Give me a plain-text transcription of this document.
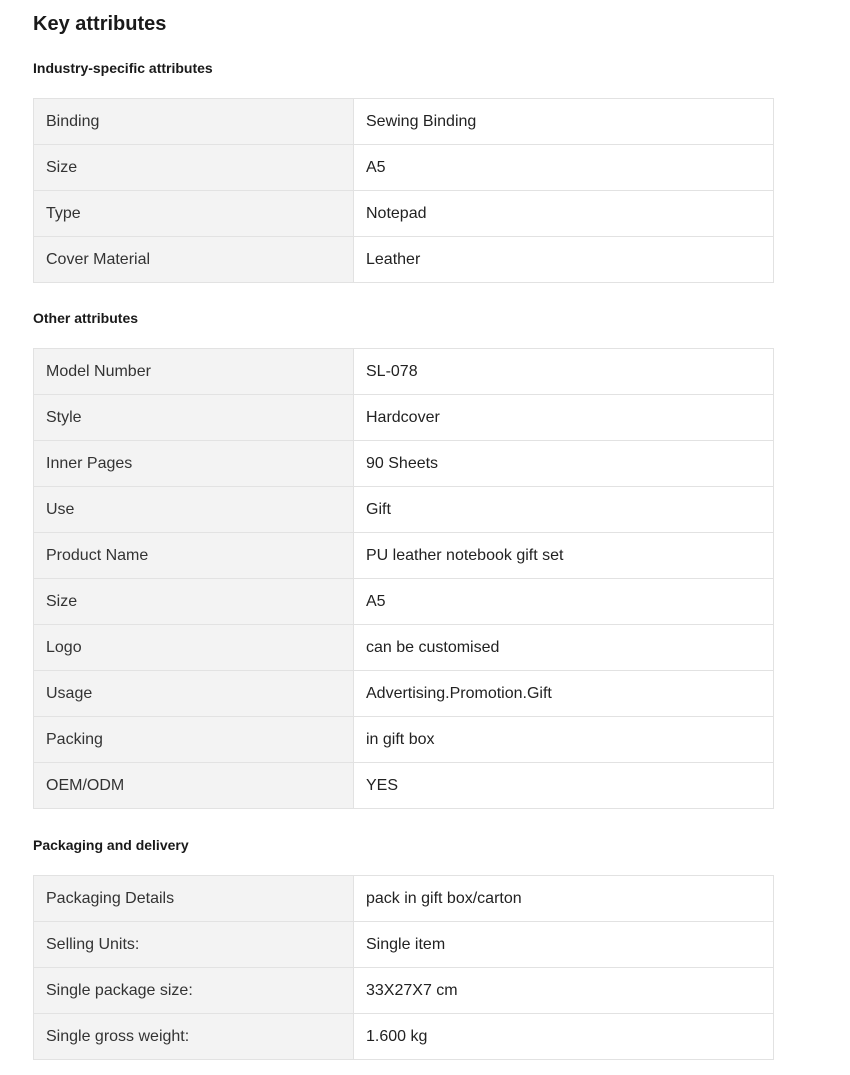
Key attributes
Industry-specific attributes
Binding	Sewing Binding
Size	A5
Type	Notepad
Cover Material	Leather
Other attributes
Model Number	SL-078
Style	Hardcover
Inner Pages	90 Sheets
Use	Gift
Product Name	PU leather notebook gift set
Size	A5
Logo	can be customised
Usage	Advertising.Promotion.Gift
Packing	in gift box
OEM/ODM	YES
Packaging and delivery
Packaging Details	pack in gift box/carton
Selling Units:	Single item
Single package size:	33X27X7 cm
Single gross weight:	1.600 kg
